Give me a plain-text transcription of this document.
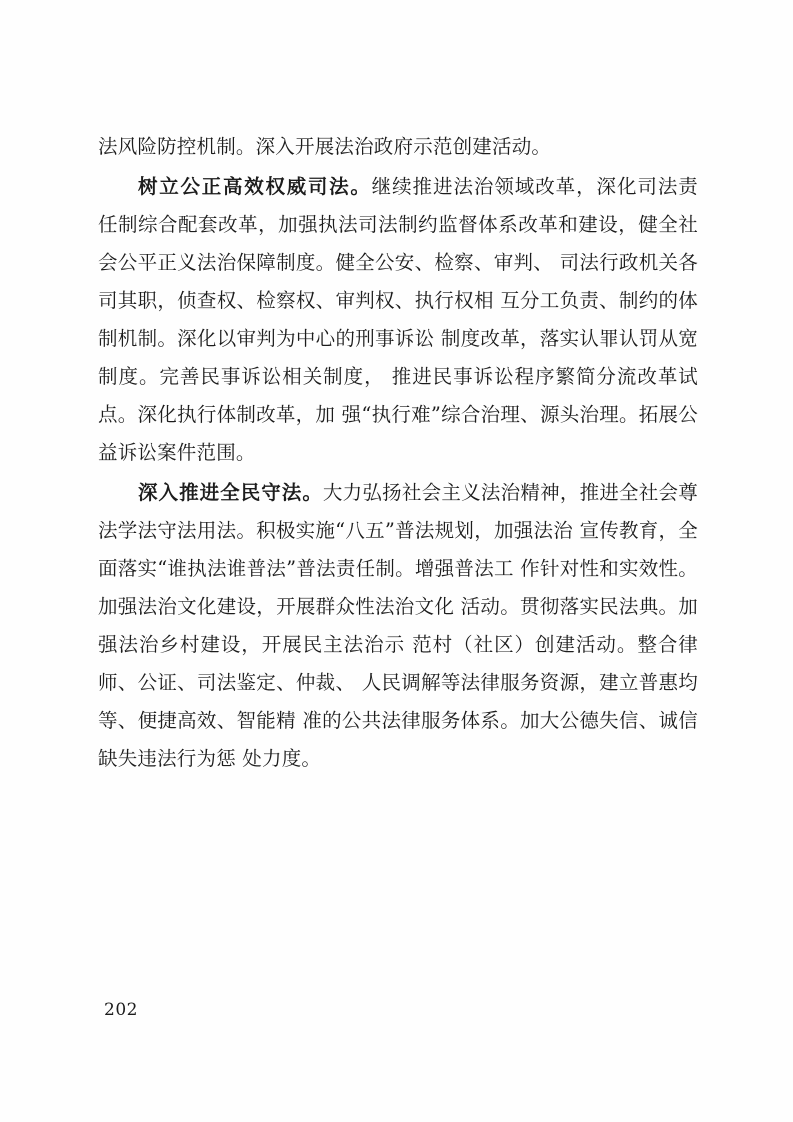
法风险防控机制。深入开展法治政府示范创建活动。

树立公正高效权威司法。继续推进法治领域改革，深化司法责任制综合配套改革，加强执法司法制约监督体系改革和建设，健全社会公平正义法治保障制度。健全公安、检察、审判、 司法行政机关各司其职，侦查权、检察权、审判权、执行权相 互分工负责、制约的体制机制。深化以审判为中心的刑事诉讼 制度改革，落实认罪认罚从宽制度。完善民事诉讼相关制度， 推进民事诉讼程序繁简分流改革试点。深化执行体制改革，加 强“执行难”综合治理、源头治理。拓展公益诉讼案件范围。

深入推进全民守法。大力弘扬社会主义法治精神，推进全社会尊法学法守法用法。积极实施“八五”普法规划，加强法治 宣传教育，全面落实“谁执法谁普法”普法责任制。增强普法工 作针对性和实效性。加强法治文化建设，开展群众性法治文化 活动。贯彻落实民法典。加强法治乡村建设，开展民主法治示 范村（社区）创建活动。整合律师、公证、司法鉴定、仲裁、 人民调解等法律服务资源，建立普惠均等、便捷高效、智能精 准的公共法律服务体系。加大公德失信、诚信缺失违法行为惩 处力度。

202
